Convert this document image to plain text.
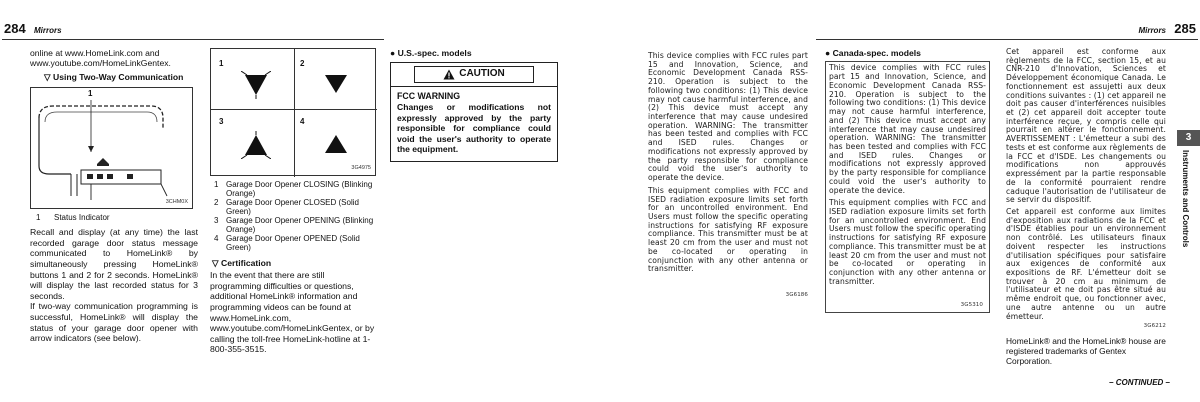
284 Mirrors
online at www.HomeLink.com and www.youtube.com/HomeLinkGentex.
▽ Using Two-Way Communication
1
3CHM0X
1	Status Indicator
Recall and display (at any time) the last recorded garage door status message communicated to HomeLink® by simultaneously pressing HomeLink® buttons 1 and 2 for 2 seconds. HomeLink® will display the last recorded status for 3 seconds.
If two-way communication programming is successful, HomeLink® will display the status of your garage door opener with arrow indicators (see below).
1	2
3	4
3G4975
1 Garage Door Opener CLOSING (Blinking Orange)
2 Garage Door Opener CLOSED (Solid Green)
3 Garage Door Opener OPENING (Blinking Orange)
4 Garage Door Opener OPENED (Solid Green)
▽ Certification
In the event that there are still programming difficulties or questions, additional HomeLink® information and programming videos can be found at www.HomeLink.com, www.youtube.com/HomeLinkGentex, or by calling the toll-free HomeLink-hotline at 1-800-355-3515.
● U.S.-spec. models
CAUTION
FCC WARNING
Changes or modifications not expressly approved by the party responsible for compliance could void the user's authority to operate the equipment.
Mirrors 285
This device complies with FCC rules part 15 and Innovation, Science, and Economic Development Canada RSS-210. Operation is subject to the following two conditions: (1) This device may not cause harmful interference, and (2) This device must accept any interference that may cause undesired operation. WARNING: The transmitter has been tested and complies with FCC and ISED rules. Changes or modifications not expressly approved by the party responsible for compliance could void the user's authority to operate the device.
This equipment complies with FCC and ISED radiation exposure limits set forth for an uncontrolled environment. End Users must follow the specific operating instructions for satisfying RF exposure compliance. This transmitter must be at least 20 cm from the user and must not be co-located or operating in conjunction with any other antenna or transmitter.
3G6186
● Canada-spec. models
This device complies with FCC rules part 15 and Innovation, Science, and Economic Development Canada RSS-210. Operation is subject to the following two conditions: (1) This device may not cause harmful interference, and (2) This device must accept any interference that may cause undesired operation. WARNING: The transmitter has been tested and complies with FCC and ISED rules. Changes or modifications not expressly approved by the party responsible for compliance could void the user's authority to operate the device.
This equipment complies with FCC and ISED radiation exposure limits set forth for an uncontrolled environment. End Users must follow the specific operating instructions for satisfying RF exposure compliance. This transmitter must be at least 20 cm from the user and must not be co-located or operating in conjunction with any other antenna or transmitter.
3G5310
Cet appareil est conforme aux règlements de la FCC, section 15, et au CNR-210 d'Innovation, Sciences et Développement économique Canada. Le fonctionnement est assujetti aux deux conditions suivantes : (1) cet appareil ne doit pas causer d'interférences nuisibles et (2) cet appareil doit accepter toute interférence reçue, y compris celle qui pourrait en altérer le fonctionnement. AVERTISSEMENT : L'émetteur a subi des tests et est conforme aux règlements de la FCC et d'ISDE. Les changements ou modifications non approuvés expressément par la partie responsable de la conformité pourraient rendre caduque l'autorisation de l'utilisateur de se servir du dispositif.
Cet appareil est conforme aux limites d'exposition aux radiations de la FCC et d'ISDE établies pour un environnement non contrôlé. Les utilisateurs finaux doivent respecter les instructions d'utilisation spécifiques pour satisfaire aux exigences de conformité aux expositions de RF. L'émetteur doit se trouver à 20 cm au minimum de l'utilisateur et ne doit pas être situé au même endroit que, ou fonctionner avec, une autre antenne ou un autre émetteur.
3G6212
HomeLink® and the HomeLink® house are registered trademarks of Gentex Corporation.
– CONTINUED –
3
Instruments and Controls
